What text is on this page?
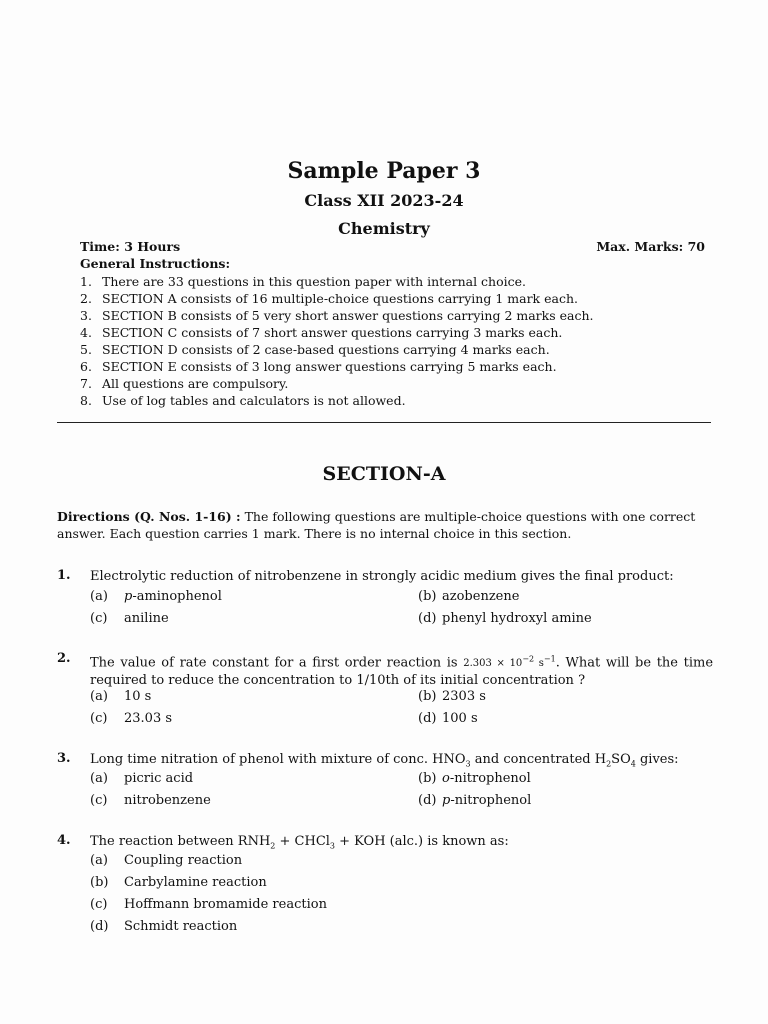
Sample Paper 3
Class XII 2023-24
Chemistry
Time: 3 Hours	Max. Marks: 70
General Instructions:
1. There are 33 questions in this question paper with internal choice.
2. SECTION A consists of 16 multiple-choice questions carrying 1 mark each.
3. SECTION B consists of 5 very short answer questions carrying 2 marks each.
4. SECTION C consists of 7 short answer questions carrying 3 marks each.
5. SECTION D consists of 2 case-based questions carrying 4 marks each.
6. SECTION E consists of 3 long answer questions carrying 5 marks each.
7. All questions are compulsory.
8. Use of log tables and calculators is not allowed.
SECTION-A
Directions (Q. Nos. 1-16) : The following questions are multiple-choice questions with one correct answer. Each question carries 1 mark. There is no internal choice in this section.
1. Electrolytic reduction of nitrobenzene in strongly acidic medium gives the final product:
(a) p-aminophenol	(b) azobenzene
(c) aniline	(d) phenyl hydroxyl amine
2. The value of rate constant for a first order reaction is $2.303 \times 10^{-2}$ $s^{-1}$. What will be the time required to reduce the concentration to 1/10th of its initial concentration ?
(a) 10 s	(b) 2303 s
(c) 23.03 s	(d) 100 s
3. Long time nitration of phenol with mixture of conc. $HNO_3$ and concentrated $H_2SO_4$ gives:
(a) picric acid	(b) o-nitrophenol
(c) nitrobenzene	(d) p-nitrophenol
4. The reaction between $RNH_2$ + CHCl$_3$ + KOH (alc.) is known as:
(a) Coupling reaction
(b) Carbylamine reaction
(c) Hoffmann bromamide reaction
(d) Schmidt reaction
